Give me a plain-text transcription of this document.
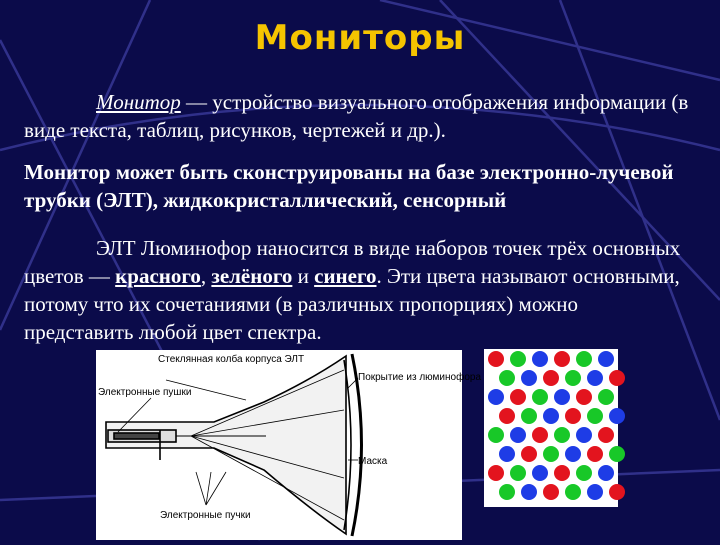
Мониторы
Монитор — устройство визуального отображения информации (в виде текста, таблиц, рисунков, чертежей и др.).
Монитор может быть сконструированы на базе электронно-лучевой трубки (ЭЛТ), жидкокристаллический, сенсорный
ЭЛТ Люминофор наносится в виде наборов точек трёх основных цветов — красного, зелёного и синего. Эти цвета называют основными, потому что их сочетаниями (в различных пропорциях) можно представить любой цвет спектра.
Стеклянная колба корпуса ЭЛТ
Электронные пушки
Покрытие из люминофора
Маска
Электронные пучки
